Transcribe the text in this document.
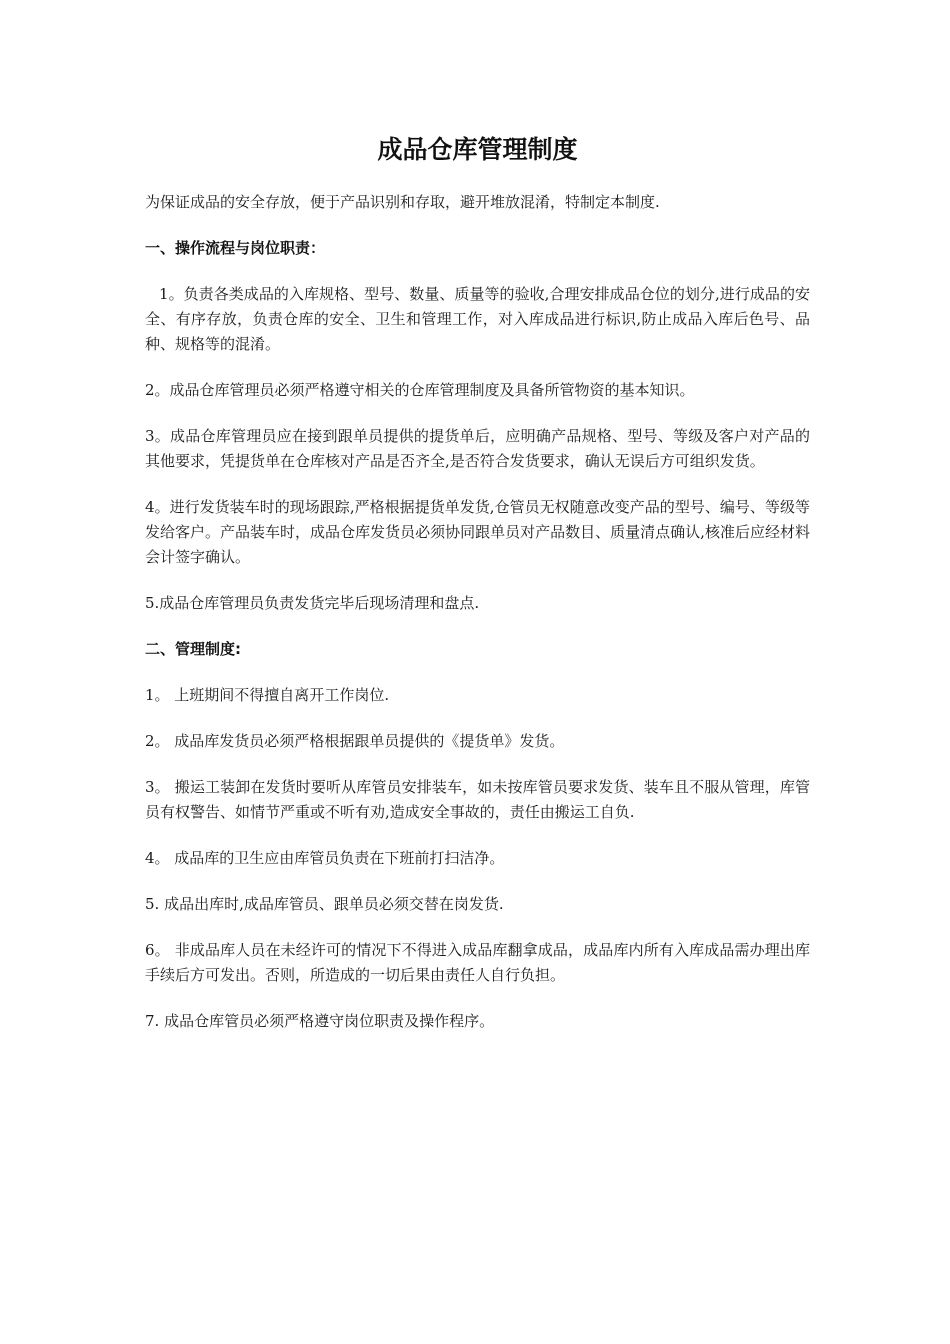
成品仓库管理制度

为保证成品的安全存放，便于产品识别和存取，避开堆放混淆，特制定本制度.

一、操作流程与岗位职责：

1。负责各类成品的入库规格、型号、数量、质量等的验收,合理安排成品仓位的划分,进行成品的安全、有序存放，负责仓库的安全、卫生和管理工作，对入库成品进行标识,防止成品入库后色号、品种、规格等的混淆。

2。成品仓库管理员必须严格遵守相关的仓库管理制度及具备所管物资的基本知识。

3。成品仓库管理员应在接到跟单员提供的提货单后，应明确产品规格、型号、等级及客户对产品的其他要求，凭提货单在仓库核对产品是否齐全,是否符合发货要求，确认无误后方可组织发货。

4。进行发货装车时的现场跟踪,严格根据提货单发货,仓管员无权随意改变产品的型号、编号、等级等发给客户。产品装车时，成品仓库发货员必须协同跟单员对产品数目、质量清点确认,核准后应经材料会计签字确认。

5.成品仓库管理员负责发货完毕后现场清理和盘点.

二、管理制度:

1。 上班期间不得擅自离开工作岗位.

2。 成品库发货员必须严格根据跟单员提供的《提货单》发货。

3。 搬运工装卸在发货时要听从库管员安排装车，如未按库管员要求发货、装车且不服从管理，库管员有权警告、如情节严重或不听有劝,造成安全事故的，责任由搬运工自负.

4。 成品库的卫生应由库管员负责在下班前打扫洁净。

5. 成品出库时,成品库管员、跟单员必须交替在岗发货.

6。 非成品库人员在未经许可的情况下不得进入成品库翻拿成品，成品库内所有入库成品需办理出库手续后方可发出。否则，所造成的一切后果由责任人自行负担。

7. 成品仓库管员必须严格遵守岗位职责及操作程序。
